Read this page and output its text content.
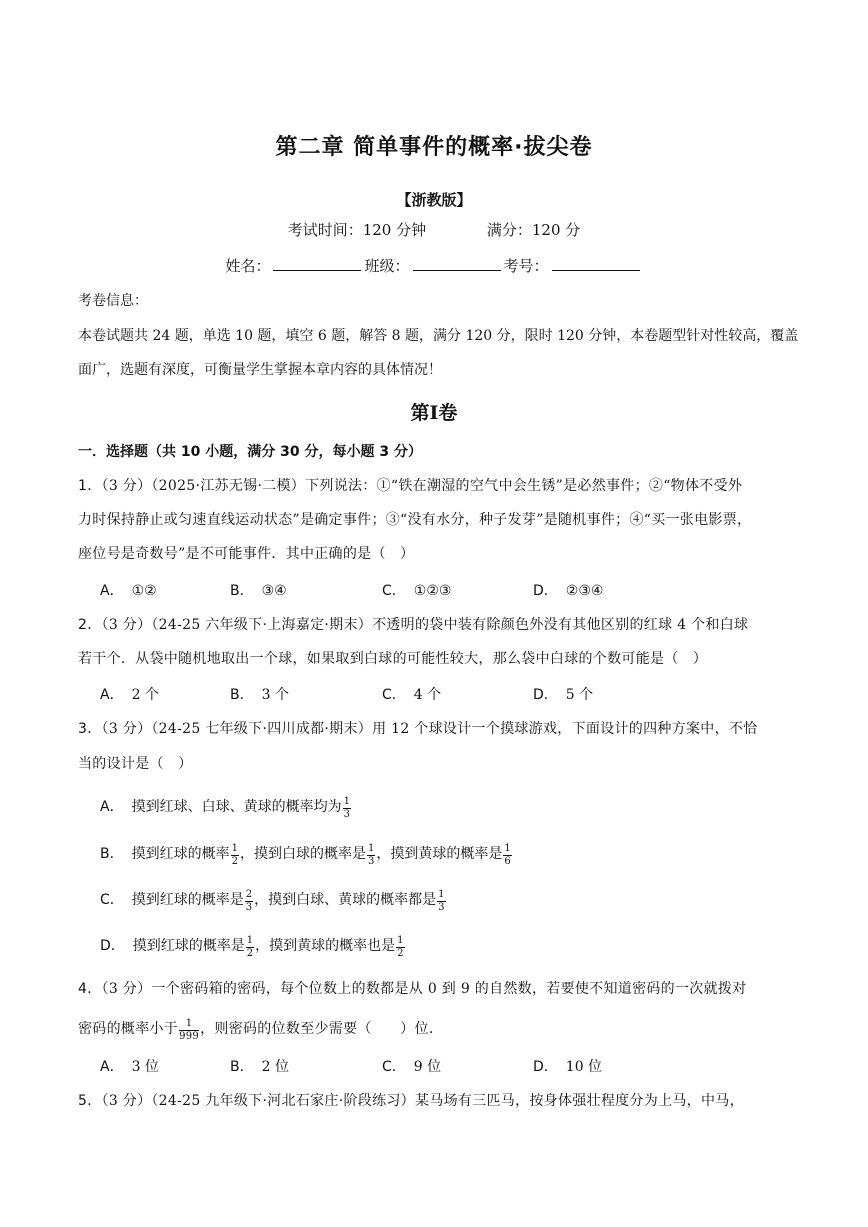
第二章 简单事件的概率·拔尖卷
【浙教版】
考试时间：120 分钟	满分：120 分
姓名：	班级：	考号：
考卷信息：
本卷试题共 24 题，单选 10 题，填空 6 题，解答 8 题，满分 120 分，限时 120 分钟，本卷题型针对性较高，覆盖
面广，选题有深度，可衡量学生掌握本章内容的具体情况！
第Ⅰ卷
一．选择题（共 10 小题，满分 30 分，每小题 3 分）
1．（3 分）（2025·江苏无锡·二模）下列说法：①“铁在潮湿的空气中会生锈”是必然事件；②“物体不受外
力时保持静止或匀速直线运动状态”是确定事件；③“没有水分，种子发芽”是随机事件；④“买一张电影票，
座位号是奇数号”是不可能事件．其中正确的是（　）
A． ①②	B． ③④	C． ①②③	D． ②③④
2．（3 分）（24-25 六年级下·上海嘉定·期末）不透明的袋中装有除颜色外没有其他区别的红球 4 个和白球
若干个．从袋中随机地取出一个球，如果取到白球的可能性较大，那么袋中白球的个数可能是（　）
A． 2 个	B． 3 个	C． 4 个	D． 5 个
3．（3 分）（24-25 七年级下·四川成都·期末）用 12 个球设计一个摸球游戏，下面设计的四种方案中，不恰
当的设计是（　）
A． 摸到红球、白球、黄球的概率均为 $\frac{1}{3}$
B． 摸到红球的概率 $\frac{1}{2}$ ，摸到白球的概率是 $\frac{1}{3}$ ，摸到黄球的概率是 $\frac{1}{6}$
C． 摸到红球的概率是 $\frac{2}{3}$ ，摸到白球、黄球的概率都是 $\frac{1}{3}$
D． 摸到红球的概率是 $\frac{1}{2}$ ，摸到黄球的概率也是 $\frac{1}{2}$
4．（3 分）一个密码箱的密码，每个位数上的数都是从 0 到 9 的自然数，若要使不知道密码的一次就拨对
密码的概率小于 $\frac{1}{999}$ ，则密码的位数至少需要（　　）位．
A． 3 位	B． 2 位	C． 9 位	D． 10 位
5．（3 分）（24-25 九年级下·河北石家庄·阶段练习）某马场有三匹马，按身体强壮程度分为上马，中马，
